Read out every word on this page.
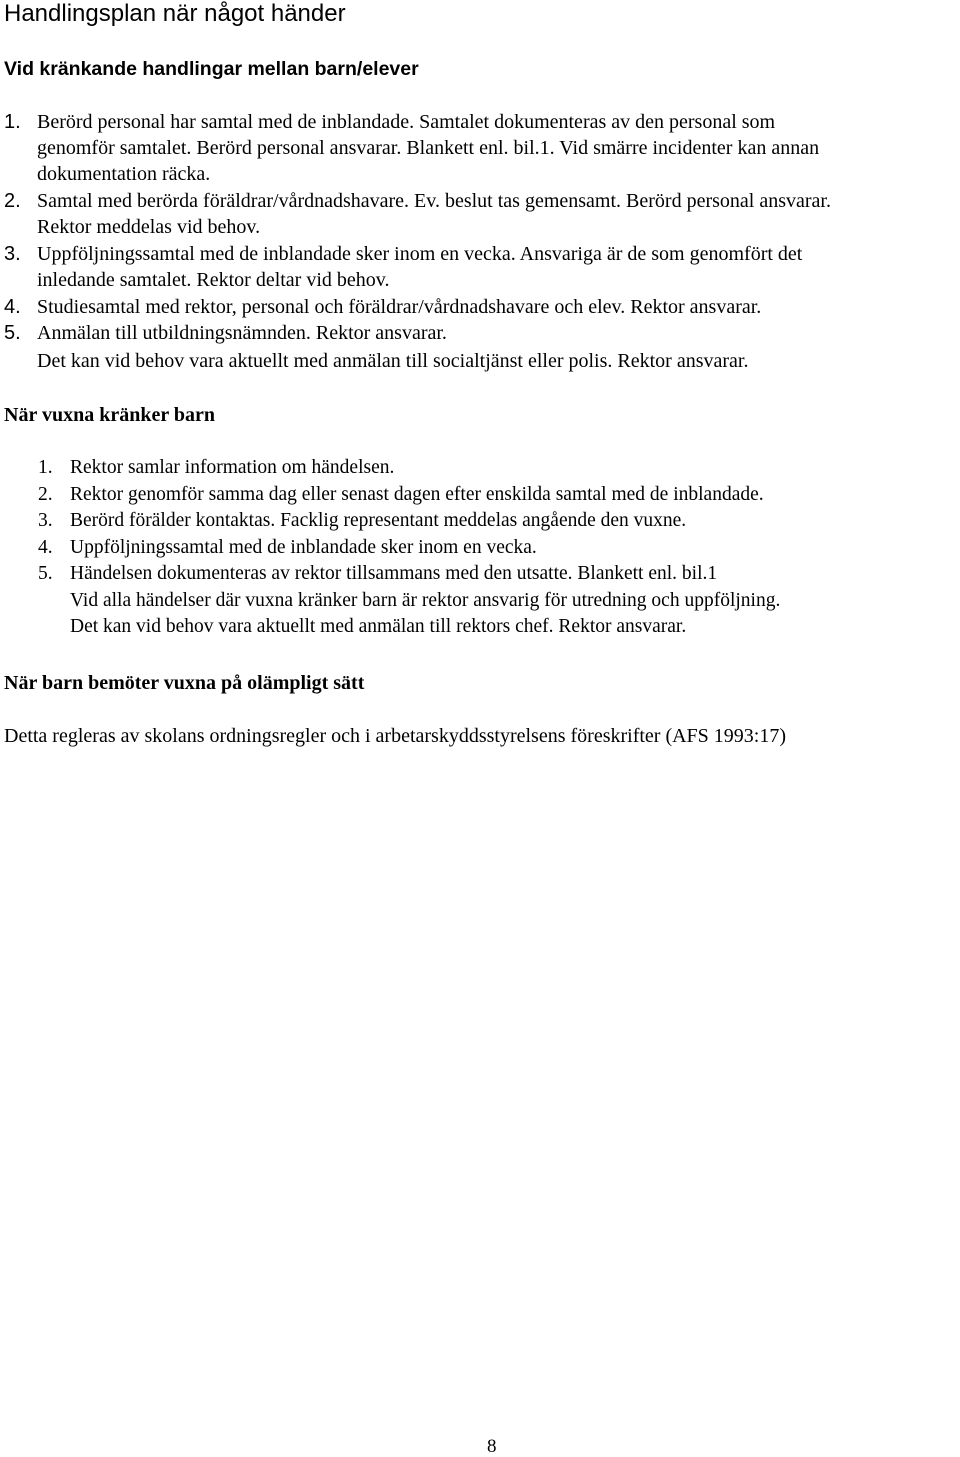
Handlingsplan när något händer
Vid kränkande handlingar mellan barn/elever
1. Berörd personal har samtal med de inblandade. Samtalet dokumenteras av den personal som
genomför samtalet. Berörd personal ansvarar. Blankett enl. bil.1. Vid smärre incidenter kan annan
dokumentation räcka.
2. Samtal med berörda föräldrar/vårdnadshavare. Ev. beslut tas gemensamt. Berörd personal ansvarar.
Rektor meddelas vid behov.
3. Uppföljningssamtal med de inblandade sker inom en vecka. Ansvariga är de som genomfört det
inledande samtalet. Rektor deltar vid behov.
4. Studiesamtal med rektor, personal och föräldrar/vårdnadshavare och elev. Rektor ansvarar.
5. Anmälan till utbildningsnämnden. Rektor ansvarar.
Det kan vid behov vara aktuellt med anmälan till socialtjänst eller polis. Rektor ansvarar.
När vuxna kränker barn
1. Rektor samlar information om händelsen.
2. Rektor genomför samma dag eller senast dagen efter enskilda samtal med de inblandade.
3. Berörd förälder kontaktas. Facklig representant meddelas angående den vuxne.
4. Uppföljningssamtal med de inblandade sker inom en vecka.
5. Händelsen dokumenteras av rektor tillsammans med den utsatte. Blankett enl. bil.1
Vid alla händelser där vuxna kränker barn är rektor ansvarig för utredning och uppföljning.
Det kan vid behov vara aktuellt med anmälan till rektors chef. Rektor ansvarar.
När barn bemöter vuxna på olämpligt sätt
Detta regleras av skolans ordningsregler och i arbetarskyddsstyrelsens föreskrifter (AFS 1993:17)
8
